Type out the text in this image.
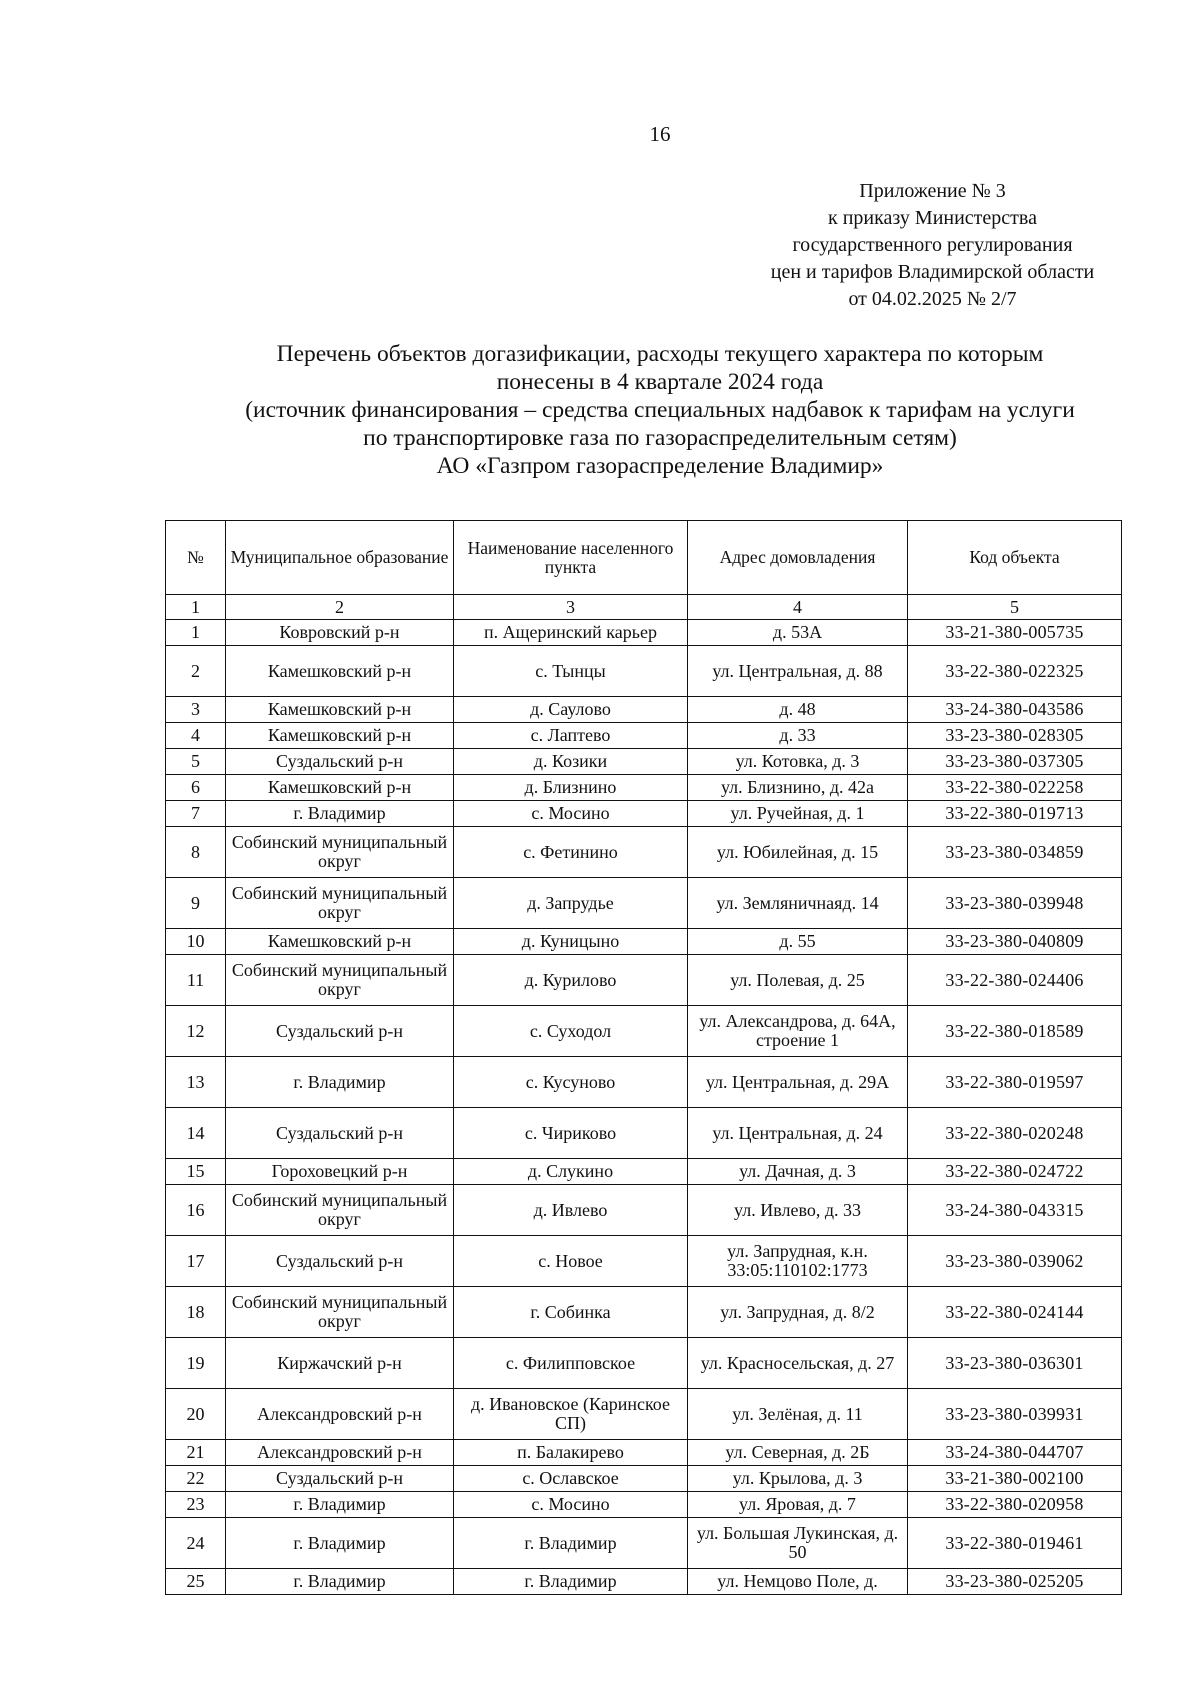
16
Приложение № 3
к приказу Министерства
государственного регулирования
цен и тарифов Владимирской области
от 04.02.2025 № 2/7
Перечень объектов догазификации, расходы текущего характера по которым
понесены в 4 квартале 2024 года
(источник финансирования – средства специальных надбавок к тарифам на услуги
по транспортировке газа по газораспределительным сетям)
АО «Газпром газораспределение Владимир»
№	Муниципальное образование	Наименование населенного пункта	Адрес домовладения	Код объекта
1	2	3	4	5
1	Ковровский р-н	п. Ащеринский карьер	д. 53А	33-21-380-005735
2	Камешковский р-н	с. Тынцы	ул. Центральная, д. 88	33-22-380-022325
3	Камешковский р-н	д. Саулово	д. 48	33-24-380-043586
4	Камешковский р-н	с. Лаптево	д. 33	33-23-380-028305
5	Суздальский р-н	д. Козики	ул. Котовка, д. 3	33-23-380-037305
6	Камешковский р-н	д. Близнино	ул. Близнино, д. 42а	33-22-380-022258
7	г. Владимир	с. Мосино	ул. Ручейная, д. 1	33-22-380-019713
8	Собинский муниципальный округ	с. Фетинино	ул. Юбилейная, д. 15	33-23-380-034859
9	Собинский муниципальный округ	д. Запрудье	ул. Земляничнаяд. 14	33-23-380-039948
10	Камешковский р-н	д. Куницыно	д. 55	33-23-380-040809
11	Собинский муниципальный округ	д. Курилово	ул. Полевая, д. 25	33-22-380-024406
12	Суздальский р-н	с. Суходол	ул. Александрова, д. 64А, строение 1	33-22-380-018589
13	г. Владимир	с. Кусуново	ул. Центральная, д. 29А	33-22-380-019597
14	Суздальский р-н	с. Чириково	ул. Центральная, д. 24	33-22-380-020248
15	Гороховецкий р-н	д. Слукино	ул. Дачная, д. 3	33-22-380-024722
16	Собинский муниципальный округ	д. Ивлево	ул. Ивлево, д. 33	33-24-380-043315
17	Суздальский р-н	с. Новое	ул. Запрудная, к.н. 33:05:110102:1773	33-23-380-039062
18	Собинский муниципальный округ	г. Собинка	ул. Запрудная, д. 8/2	33-22-380-024144
19	Киржачский р-н	с. Филипповское	ул. Красносельская, д. 27	33-23-380-036301
20	Александровский р-н	д. Ивановское (Каринское СП)	ул. Зелёная, д. 11	33-23-380-039931
21	Александровский р-н	п. Балакирево	ул. Северная, д. 2Б	33-24-380-044707
22	Суздальский р-н	с. Ославское	ул. Крылова, д. 3	33-21-380-002100
23	г. Владимир	с. Мосино	ул. Яровая, д. 7	33-22-380-020958
24	г. Владимир	г. Владимир	ул. Большая Лукинская, д. 50	33-22-380-019461
25	г. Владимир	г. Владимир	ул. Немцово Поле, д.	33-23-380-025205
